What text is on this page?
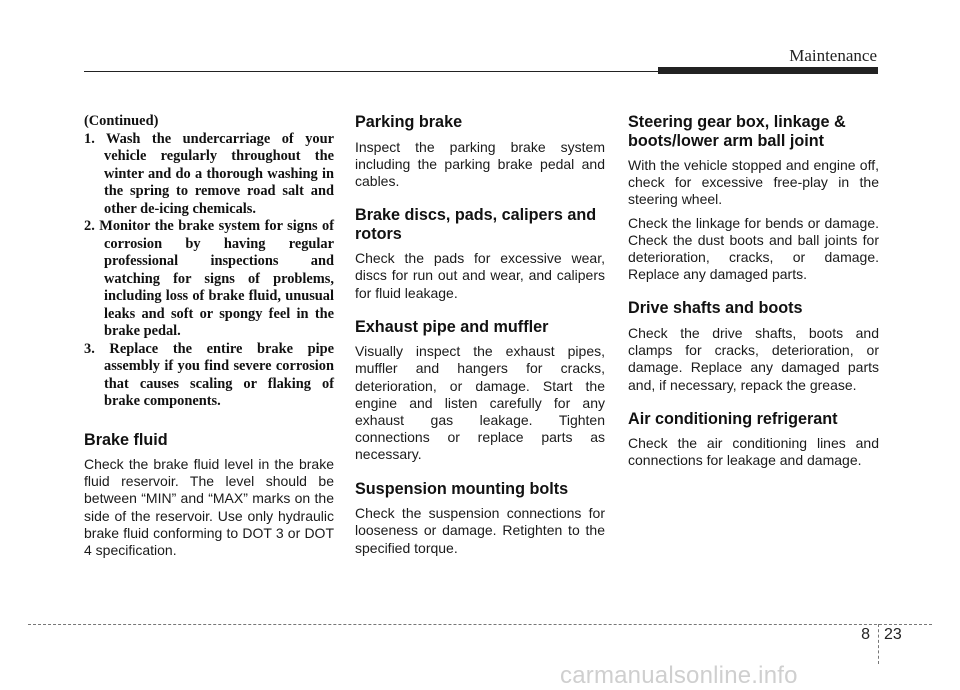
Maintenance
(Continued)
1. Wash the undercarriage of your vehicle regularly throughout the winter and do a thorough washing in the spring to remove road salt and other de-icing chemicals.
2. Monitor the brake system for signs of corrosion by having regular professional inspections and watching for signs of problems, including loss of brake fluid, unusual leaks and soft or spongy feel in the brake pedal.
3. Replace the entire brake pipe assembly if you find severe corrosion that causes scaling or flaking of brake components.
Brake fluid

Check the brake fluid level in the brake fluid reservoir. The level should be between “MIN” and “MAX” marks on the side of the reservoir. Use only hydraulic brake fluid conforming to DOT 3 or DOT 4 specification.

Parking brake

Inspect the parking brake system including the parking brake pedal and cables.

Brake discs, pads, calipers and rotors

Check the pads for excessive wear, discs for run out and wear, and calipers for fluid leakage.

Exhaust pipe and muffler

Visually inspect the exhaust pipes, muffler and hangers for cracks, deterioration, or damage. Start the engine and listen carefully for any exhaust gas leakage. Tighten connections or replace parts as necessary.

Suspension mounting bolts

Check the suspension connections for looseness or damage. Retighten to the specified torque.

Steering gear box, linkage & boots/lower arm ball joint

With the vehicle stopped and engine off, check for excessive free-play in the steering wheel.

Check the linkage for bends or damage. Check the dust boots and ball joints for deterioration, cracks, or damage. Replace any damaged parts.

Drive shafts and boots

Check the drive shafts, boots and clamps for cracks, deterioration, or damage. Replace any damaged parts and, if necessary, repack the grease.

Air conditioning refrigerant

Check the air conditioning lines and connections for leakage and damage.

8 23
carmanualsonline.info
